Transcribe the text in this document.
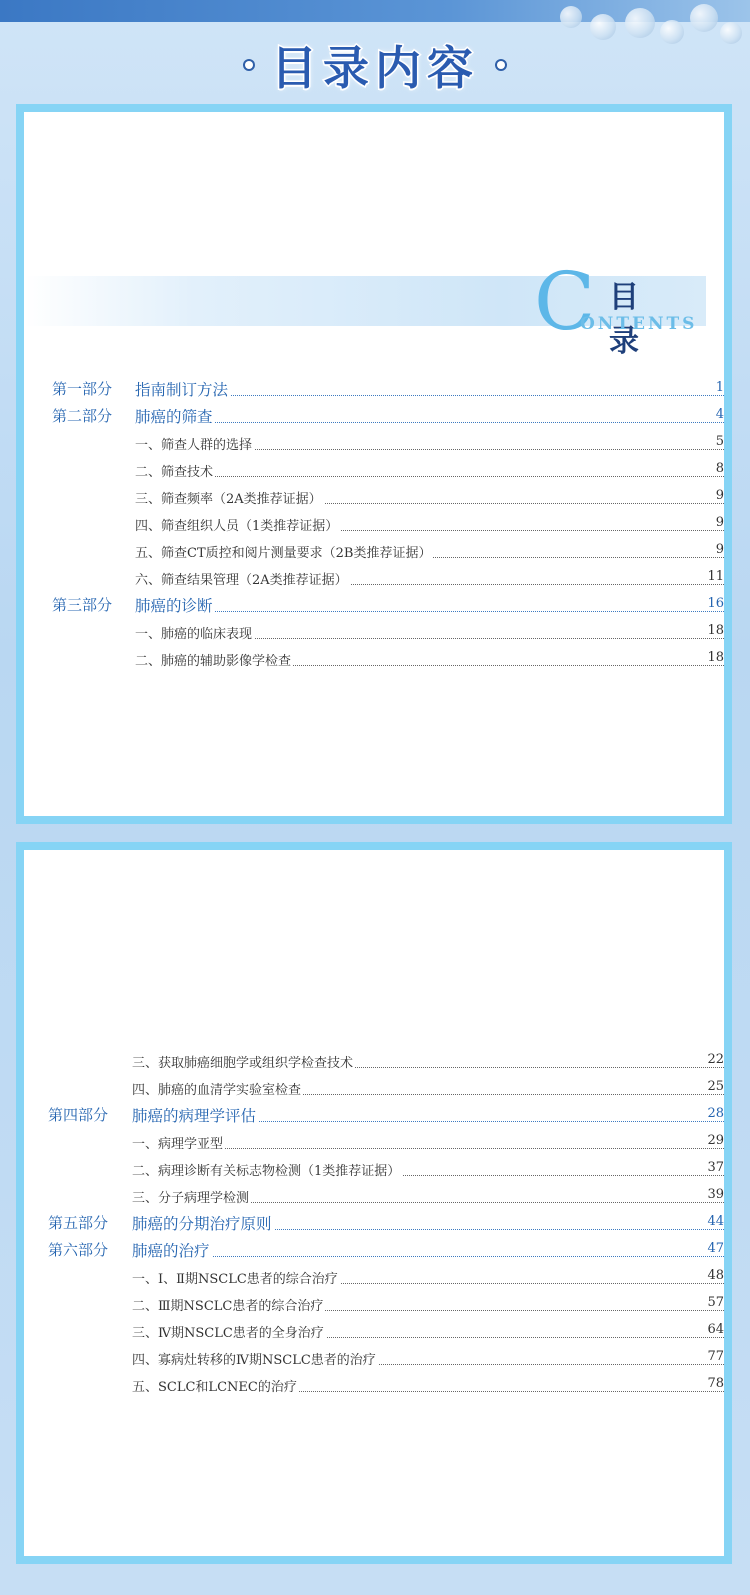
目录内容
C 目 录
ONTENTS
第一部分 指南制订方法	1
第二部分 肺癌的筛查	4
一、筛查人群的选择	5
二、筛查技术	8
三、筛查频率（2A类推荐证据）	9
四、筛查组织人员（1类推荐证据）	9
五、筛查CT质控和阅片测量要求（2B类推荐证据）	9
六、筛查结果管理（2A类推荐证据）	11
第三部分 肺癌的诊断	16
一、肺癌的临床表现	18
二、肺癌的辅助影像学检查	18
三、获取肺癌细胞学或组织学检查技术	22
四、肺癌的血清学实验室检查	25
第四部分 肺癌的病理学评估	28
一、病理学亚型	29
二、病理诊断有关标志物检测（1类推荐证据）	37
三、分子病理学检测	39
第五部分 肺癌的分期治疗原则	44
第六部分 肺癌的治疗	47
一、Ⅰ、Ⅱ期NSCLC患者的综合治疗	48
二、Ⅲ期NSCLC患者的综合治疗	57
三、Ⅳ期NSCLC患者的全身治疗	64
四、寡病灶转移的Ⅳ期NSCLC患者的治疗	77
五、SCLC和LCNEC的治疗	78
